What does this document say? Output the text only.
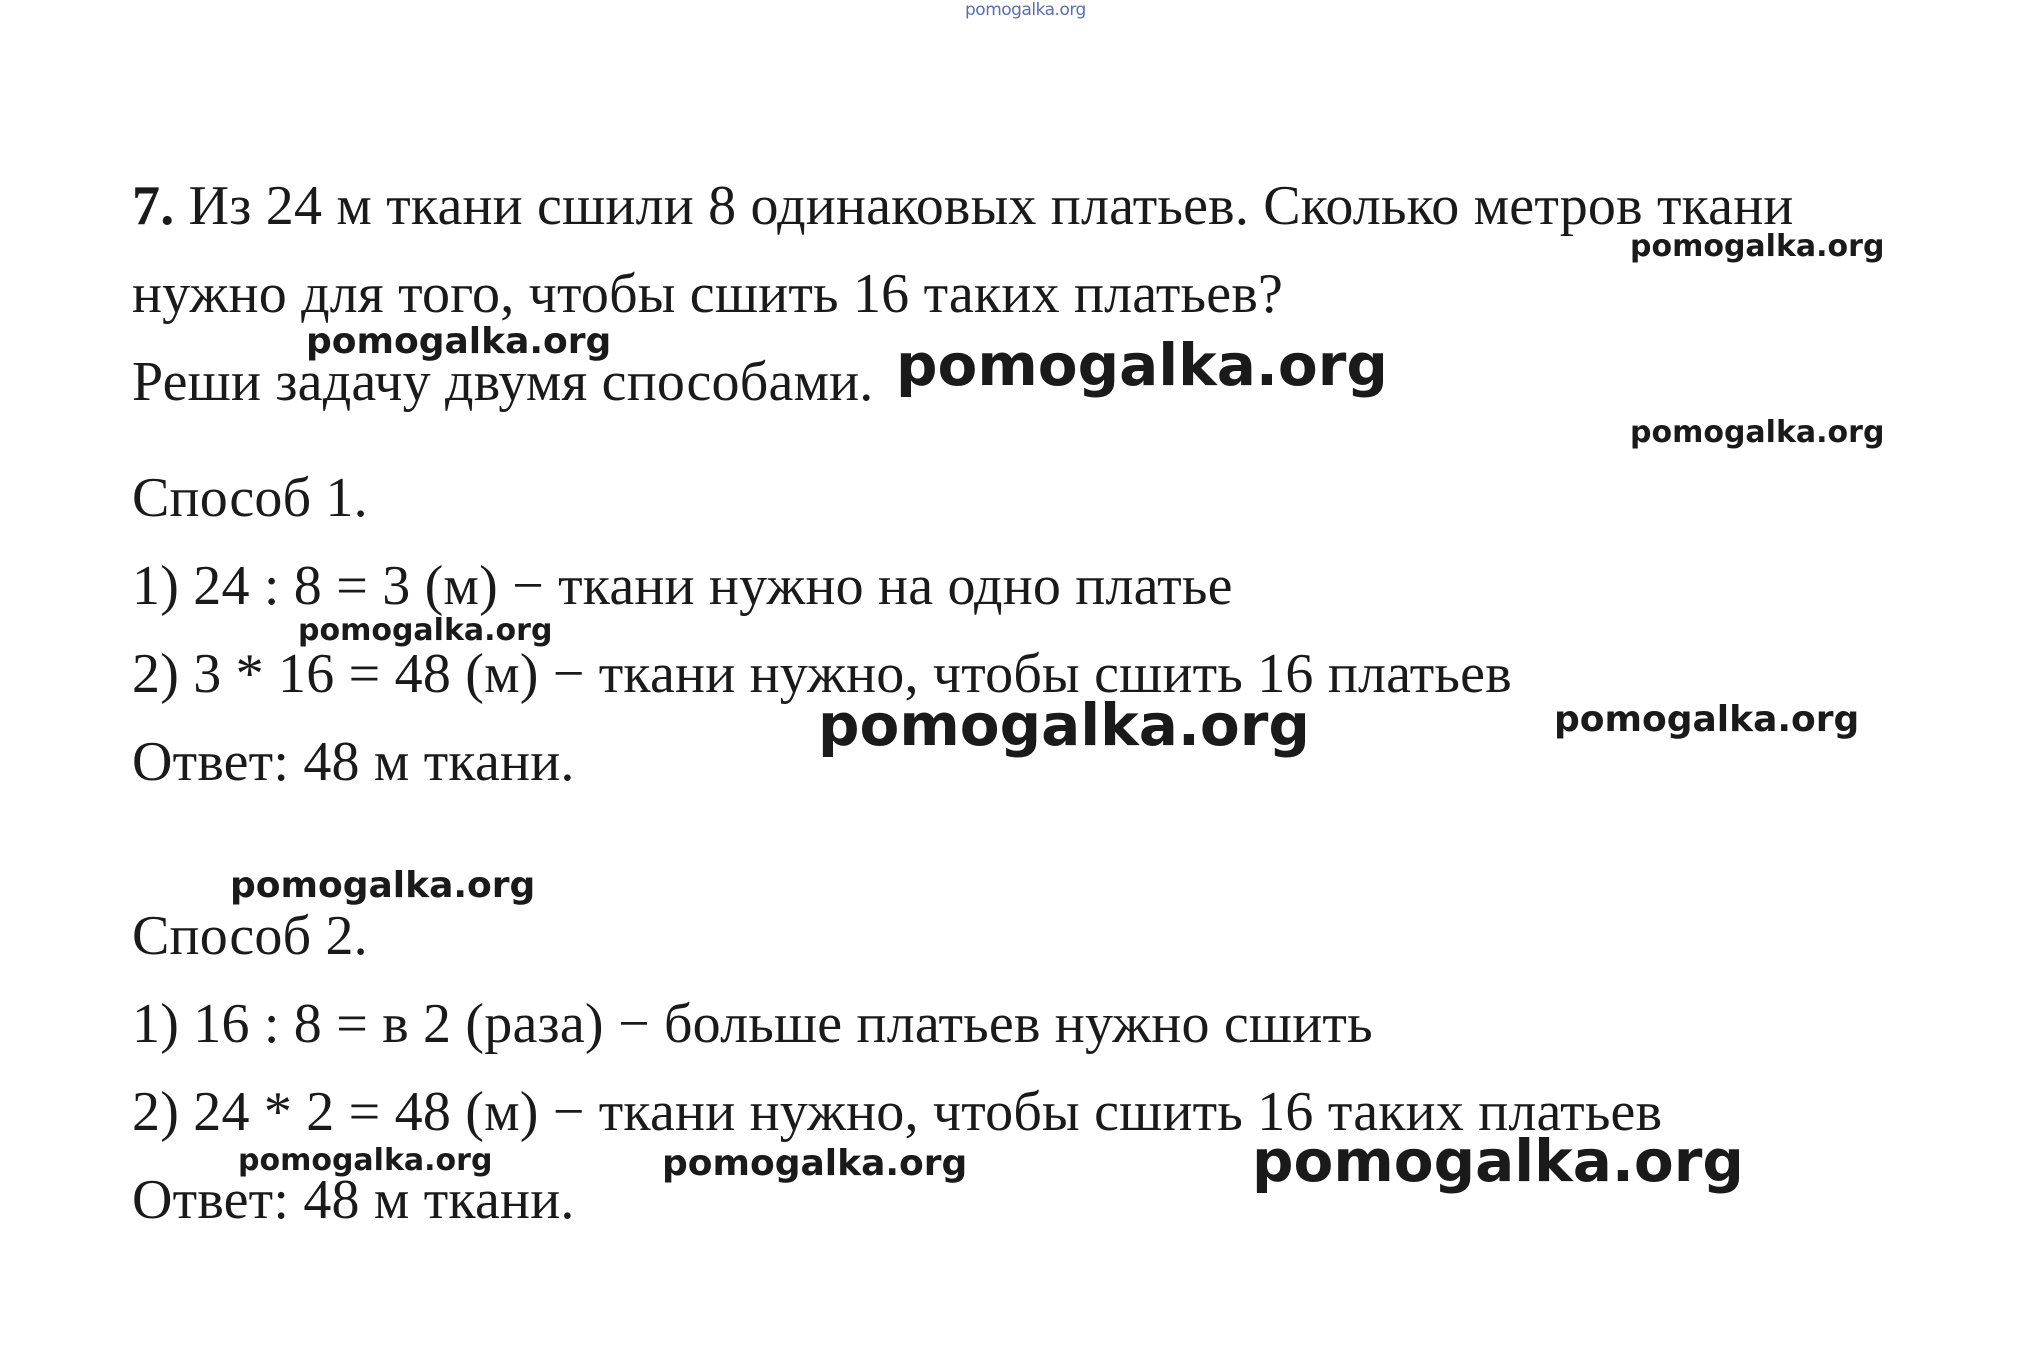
pomogalka.org
7. Из 24 м ткани сшили 8 одинаковых платьев. Сколько метров ткани
нужно для того, чтобы сшить 16 таких платьев?
Реши задачу двумя способами.
Способ 1.
1) 24 : 8 = 3 (м) − ткани нужно на одно платье
2) 3 * 16 = 48 (м) − ткани нужно, чтобы сшить 16 платьев
Ответ: 48 м ткани.
Способ 2.
1) 16 : 8 = в 2 (раза) − больше платьев нужно сшить
2) 24 * 2 = 48 (м) − ткани нужно, чтобы сшить 16 таких платьев
Ответ: 48 м ткани.
pomogalka.org
pomogalka.org	pomogalka.org
pomogalka.org
pomogalka.org
pomogalka.org	pomogalka.org
pomogalka.org
pomogalka.org	pomogalka.org	pomogalka.org
